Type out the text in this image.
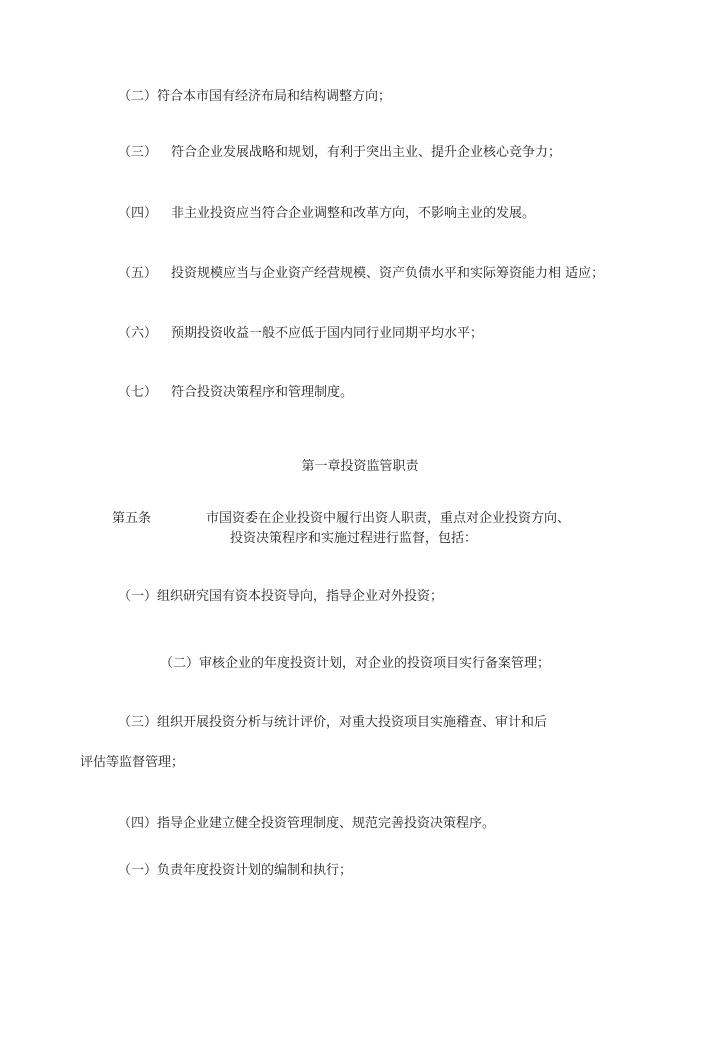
（二）符合本市国有经济布局和结构调整方向；
（三） 符合企业发展战略和规划，有利于突出主业、提升企业核心竞争力；
（四） 非主业投资应当符合企业调整和改革方向，不影响主业的发展。
（五） 投资规模应当与企业资产经营规模、资产负债水平和实际筹资能力相 适应；
（六） 预期投资收益一般不应低于国内同行业同期平均水平；
（七） 符合投资决策程序和管理制度。
第一章投资监管职责
第五条	市国资委在企业投资中履行出资人职责，重点对企业投资方向、
投资决策程序和实施过程进行监督，包括：
（一）组织研究国有资本投资导向，指导企业对外投资；
（二）审核企业的年度投资计划，对企业的投资项目实行备案管理；
（三）组织开展投资分析与统计评价，对重大投资项目实施稽查、审计和后
评估等监督管理；
（四）指导企业建立健全投资管理制度、规范完善投资决策程序。
（一）负责年度投资计划的编制和执行；
